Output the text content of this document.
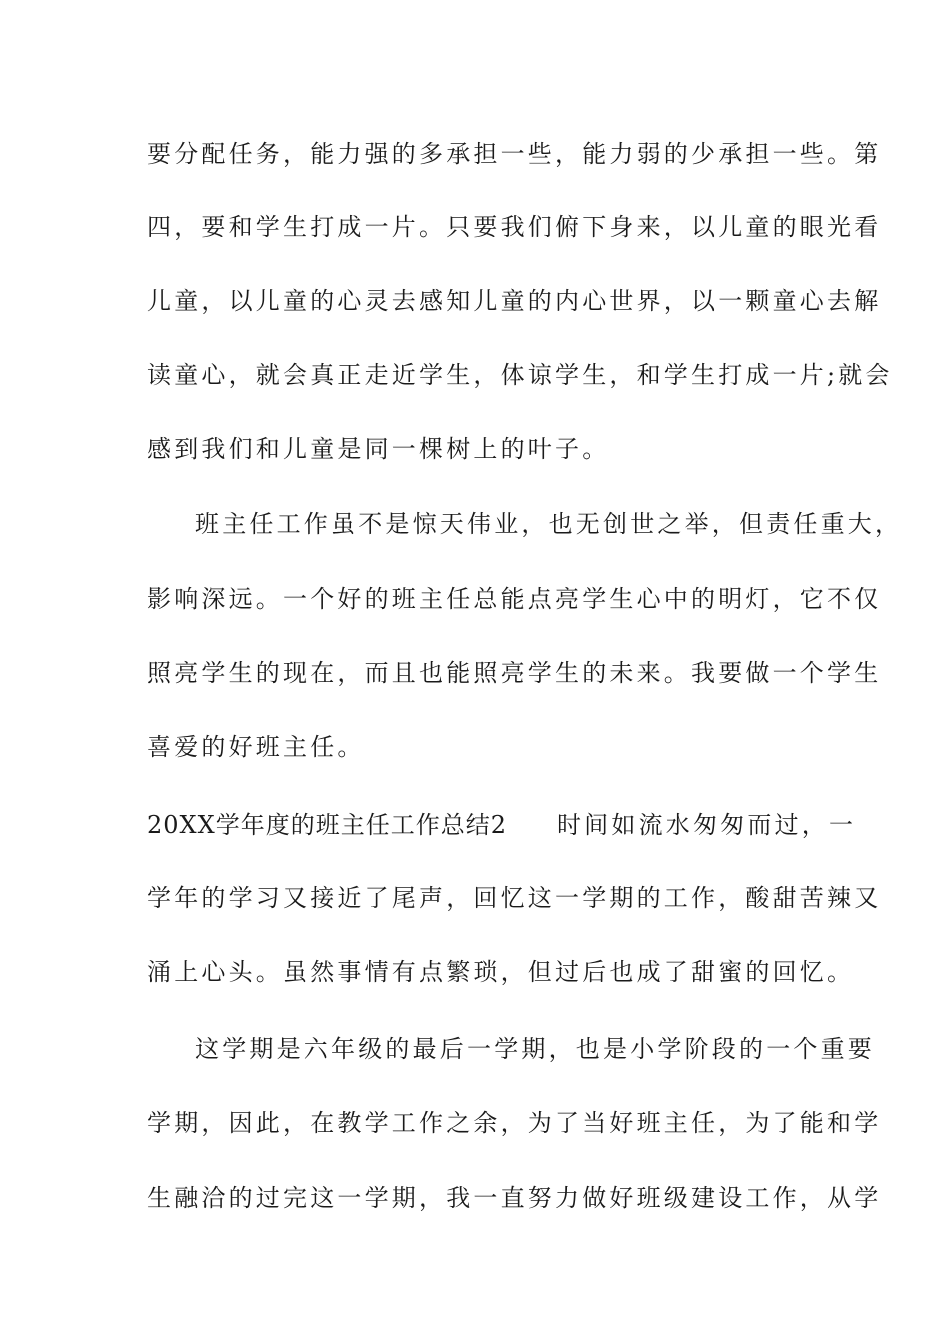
要分配任务，能力强的多承担一些，能力弱的少承担一些。第
四，要和学生打成一片。只要我们俯下身来，以儿童的眼光看
儿童，以儿童的心灵去感知儿童的内心世界，以一颗童心去解
读童心，就会真正走近学生，体谅学生，和学生打成一片;就会
感到我们和儿童是同一棵树上的叶子。
班主任工作虽不是惊天伟业，也无创世之举，但责任重大，
影响深远。一个好的班主任总能点亮学生心中的明灯，它不仅
照亮学生的现在，而且也能照亮学生的未来。我要做一个学生
喜爱的好班主任。
20XX学年度的班主任工作总结2 时间如流水匆匆而过，一
学年的学习又接近了尾声，回忆这一学期的工作，酸甜苦辣又
涌上心头。虽然事情有点繁琐，但过后也成了甜蜜的回忆。
这学期是六年级的最后一学期，也是小学阶段的一个重要
学期，因此，在教学工作之余，为了当好班主任，为了能和学
生融洽的过完这一学期，我一直努力做好班级建设工作，从学
